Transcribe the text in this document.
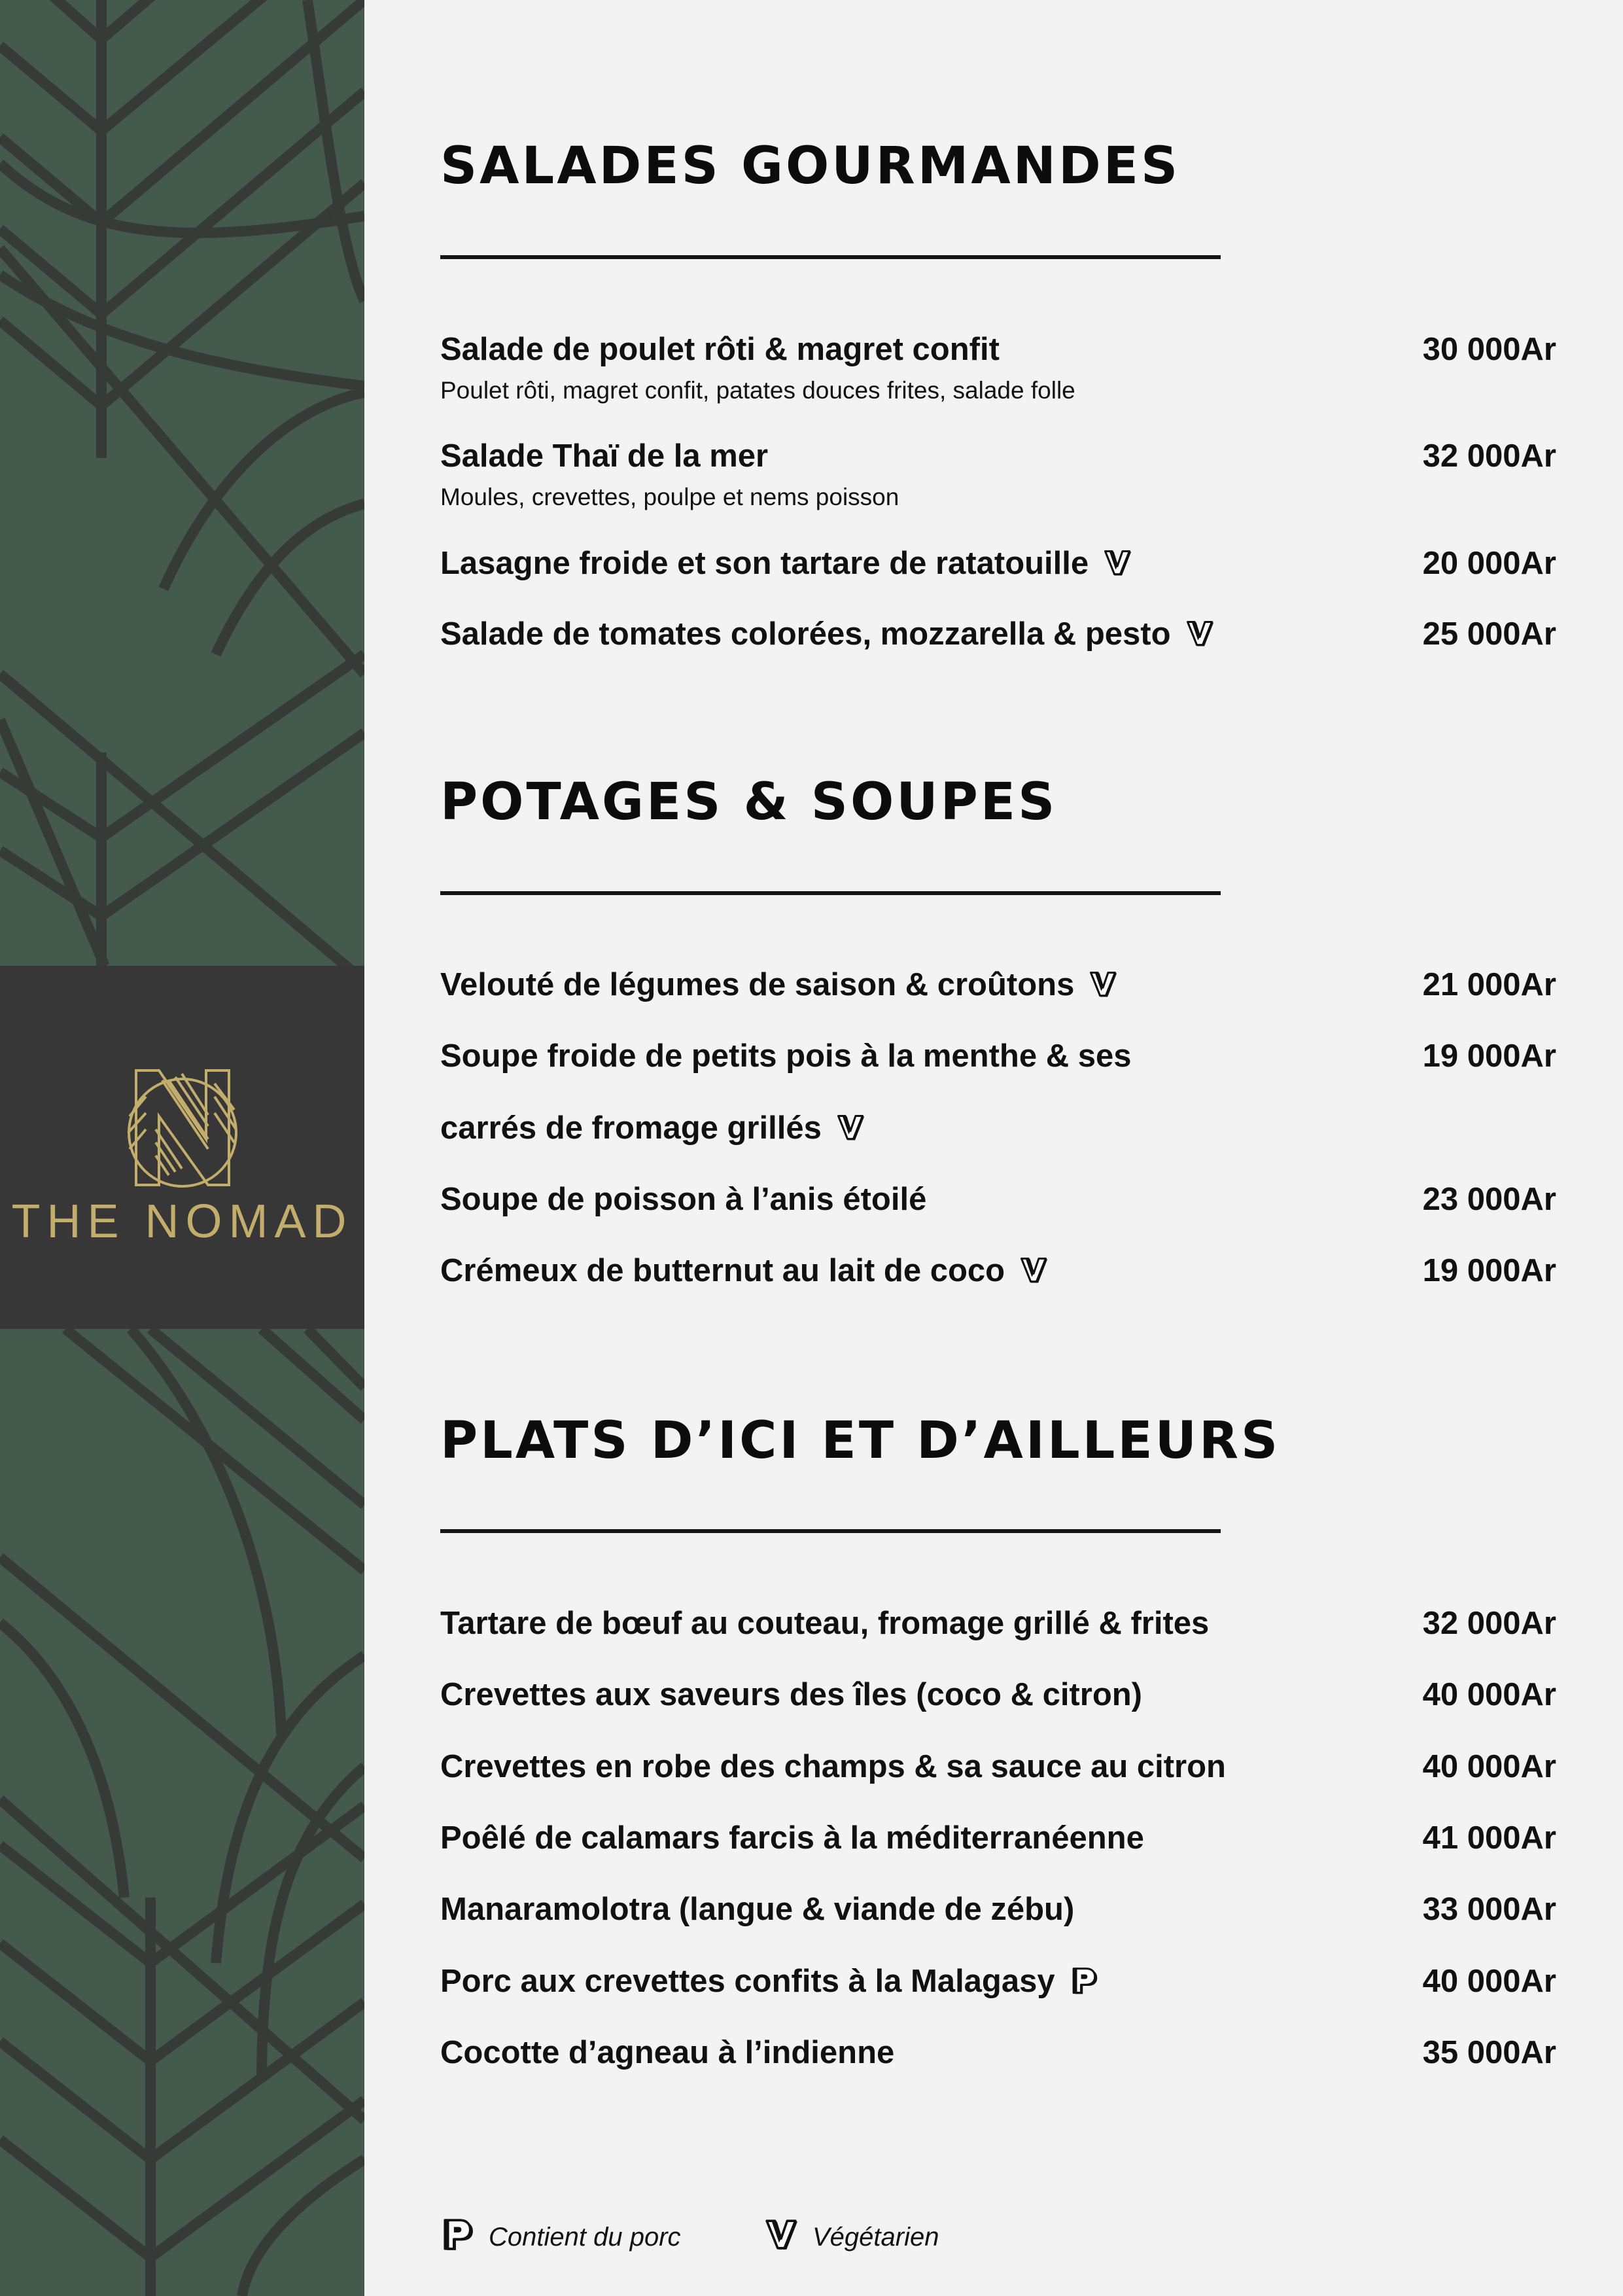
THE NOMAD
SALADES GOURMANDES
Salade de poulet rôti & magret confit	30 000Ar
Poulet rôti, magret confit, patates douces frites, salade folle
Salade Thaï de la mer	32 000Ar
Moules, crevettes, poulpe et nems poisson
Lasagne froide et son tartare de ratatouille	20 000Ar
Salade de tomates colorées, mozzarella & pesto	25 000Ar
POTAGES & SOUPES
Velouté de légumes de saison & croûtons	21 000Ar
Soupe froide de petits pois à la menthe & ses	19 000Ar
carrés de fromage grillés
Soupe de poisson à l’anis étoilé	23 000Ar
Crémeux de butternut au lait de coco	19 000Ar
PLATS D’ICI ET D’AILLEURS
Tartare de bœuf au couteau, fromage grillé & frites	32 000Ar
Crevettes aux saveurs des îles (coco & citron)	40 000Ar
Crevettes en robe des champs & sa sauce au citron	40 000Ar
Poêlé de calamars farcis à la méditerranéenne	41 000Ar
Manaramolotra (langue & viande de zébu)	33 000Ar
Porc aux crevettes confits à la Malagasy	40 000Ar
Cocotte d’agneau à l’indienne	35 000Ar
Contient du porc	Végétarien
